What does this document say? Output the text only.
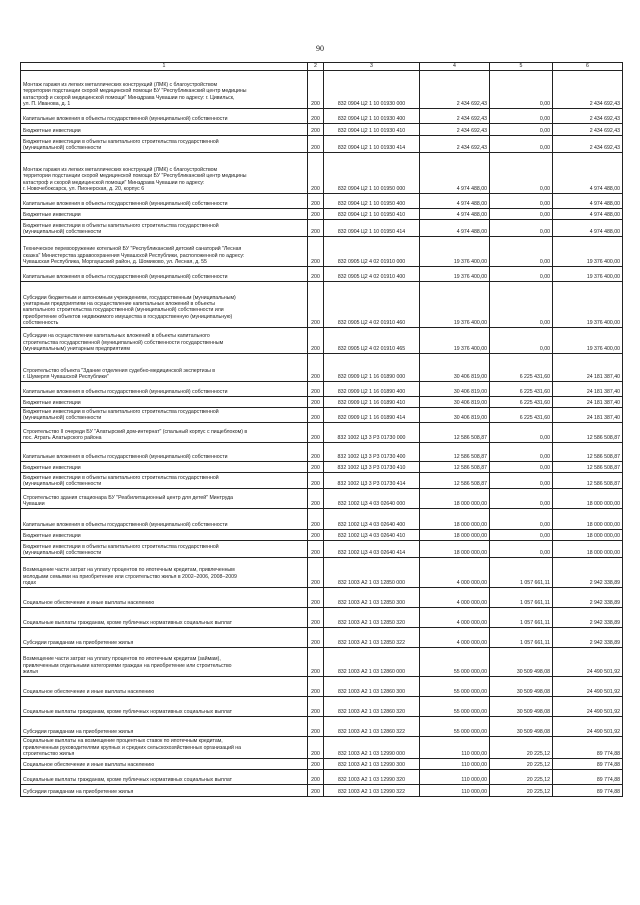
90
1	2	3	4	5	6
Монтаж гаражя из легких металлических конструкций (ЛМК) с благоустройством
территории подстанции скорой медицинской помощи БУ "Республиканский центр медицины
катастроф и скорой медицинской помощи" Минздрава Чувашии по адресу: г. Цивильск,
ул. П. Иванова, д. 1	200	832 0904 Ц2 1 10 01930 000	2 434 692,43	0,00	2 434 692,43
Капитальные вложения в объекты государственной (муниципальной) собственности	200	832 0904 Ц2 1 10 01930 400	2 434 692,43	0,00	2 434 692,43
Бюджетные инвестиции	200	832 0904 Ц2 1 10 01930 410	2 434 692,43	0,00	2 434 692,43
Бюджетные инвестиции в объекты капитального строительства государственной
(муниципальной) собственности	200	832 0904 Ц2 1 10 01930 414	2 434 692,43	0,00	2 434 692,43
Монтаж гаражя из легких металлических конструкций (ЛМК) с благоустройством
территории подстанции скорой медицинской помощи БУ "Республиканский центр медицины
катастроф и скорой медицинской помощи" Минздрава Чувашии по адресу:
г. Новочебоксарск, ул. Пионерская, д. 20, корпус 6	200	832 0904 Ц2 1 10 01950 000	4 974 488,00	0,00	4 974 488,00
Капитальные вложения в объекты государственной (муниципальной) собственности	200	832 0904 Ц2 1 10 01950 400	4 974 488,00	0,00	4 974 488,00
Бюджетные инвестиции	200	832 0904 Ц2 1 10 01950 410	4 974 488,00	0,00	4 974 488,00
Бюджетные инвестиции в объекты капитального строительства государственной
(муниципальной) собственности	200	832 0904 Ц2 1 10 01950 414	4 974 488,00	0,00	4 974 488,00
Техническое перевооружение котельной БУ "Республиканский детский санаторий "Лесная
сказка" Министерства здравоохранения Чувашской Республики, расположенной по адресу:
Чувашская Республика, Моргаушский район, д. Шомиково, ул. Лесная, д. 55	200	832 0905 Ц2 4 02 01910 000	19 376 400,00	0,00	19 376 400,00
Капитальные вложения в объекты государственной (муниципальной) собственности	200	832 0905 Ц2 4 02 01910 400	19 376 400,00	0,00	19 376 400,00
Субсидии бюджетным и автономным учреждениям, государственным (муниципальным)
унитарным предприятиям на осуществление капитальных вложений в объекты
капитального строительства государственной (муниципальной) собственности или
приобретение объектов недвижимого имущества в государственную (муниципальную)
собственность	200	832 0905 Ц2 4 02 01910 460	19 376 400,00	0,00	19 376 400,00
Субсидии на осуществление капитальных вложений в объекты капитального
строительства государственной (муниципальной) собственности государственным
(муниципальным) унитарным предприятиям	200	832 0905 Ц2 4 02 01910 465	19 376 400,00	0,00	19 376 400,00
Строительство объекта "Здание отделения судебно-медицинской экспертизы в
г. Шумерля Чувашской Республики"	200	832 0909 Ц2 1 16 01890 000	30 406 819,00	6 225 431,60	24 181 387,40
Капитальные вложения в объекты государственной (муниципальной) собственности	200	832 0909 Ц2 1 16 01890 400	30 406 819,00	6 225 431,60	24 181 387,40
Бюджетные инвестиции	200	832 0909 Ц2 1 16 01890 410	30 406 819,00	6 225 431,60	24 181 387,40
Бюджетные инвестиции в объекты капитального строительства государственной
(муниципальной) собственности	200	832 0909 Ц2 1 16 01890 414	30 406 819,00	6 225 431,60	24 181 387,40
Строительство II очереди БУ "Алатырский дом-интернат" (спальный корпус с пищеблоком) в
пос. Атрать Алатырского района	200	832 1002 Ц3 3 Р3 01730 000	12 586 508,87	0,00	12 586 508,87
Капитальные вложения в объекты государственной (муниципальной) собственности	200	832 1002 Ц3 3 Р3 01730 400	12 586 508,87	0,00	12 586 508,87
Бюджетные инвестиции	200	832 1002 Ц3 3 Р3 01730 410	12 586 508,87	0,00	12 586 508,87
Бюджетные инвестиции в объекты капитального строительства государственной
(муниципальной) собственности	200	832 1002 Ц3 3 Р3 01730 414	12 586 508,87	0,00	12 586 508,87
Строительство здания стационара БУ "Реабилитационный центр для детей" Минтруда
Чувашии	200	832 1002 Ц3 4 03 02640 000	18 000 000,00	0,00	18 000 000,00
Капитальные вложения в объекты государственной (муниципальной) собственности	200	832 1002 Ц3 4 03 02640 400	18 000 000,00	0,00	18 000 000,00
Бюджетные инвестиции	200	832 1002 Ц3 4 03 02640 410	18 000 000,00	0,00	18 000 000,00
Бюджетные инвестиции в объекты капитального строительства государственной
(муниципальной) собственности	200	832 1002 Ц3 4 03 02640 414	18 000 000,00	0,00	18 000 000,00
Возмещение части затрат на уплату процентов по ипотечным кредитам, привлеченным
молодыми семьями на приобретение или строительство жилья в 2002–2006, 2008–2009
годах	200	832 1003 А2 1 03 12850 000	4 000 000,00	1 057 661,11	2 942 338,89
Социальное обеспечение и иные выплаты населению	200	832 1003 А2 1 03 12850 300	4 000 000,00	1 057 661,11	2 942 338,89
Социальные выплаты гражданам, кроме публичных нормативных социальных выплат	200	832 1003 А2 1 03 12850 320	4 000 000,00	1 057 661,11	2 942 338,89
Субсидии гражданам на приобретение жилья	200	832 1003 А2 1 03 12850 322	4 000 000,00	1 057 661,11	2 942 338,89
Возмещение части затрат на уплату процентов по ипотечным кредитам (займам),
привлеченным отдельными категориями граждан на приобретение или строительство
жилья	200	832 1003 А2 1 03 12860 000	55 000 000,00	30 509 498,08	24 490 501,92
Социальное обеспечение и иные выплаты населению	200	832 1003 А2 1 03 12860 300	55 000 000,00	30 509 498,08	24 490 501,92
Социальные выплаты гражданам, кроме публичных нормативных социальных выплат	200	832 1003 А2 1 03 12860 320	55 000 000,00	30 509 498,08	24 490 501,92
Субсидии гражданам на приобретение жилья	200	832 1003 А2 1 03 12860 322	55 000 000,00	30 509 498,08	24 490 501,92
Социальные выплаты на возмещение процентных ставок по ипотечным кредитам,
привлеченным руководителями крупных и средних сельскохозяйственных организаций на
строительство жилья	200	832 1003 А2 1 03 12990 000	110 000,00	20 225,12	89 774,88
Социальное обеспечение и иные выплаты населению	200	832 1003 А2 1 03 12990 300	110 000,00	20 225,12	89 774,88
Социальные выплаты гражданам, кроме публичных нормативных социальных выплат	200	832 1003 А2 1 03 12990 320	110 000,00	20 225,12	89 774,88
Субсидии гражданам на приобретение жилья	200	832 1003 А2 1 03 12990 322	110 000,00	20 225,12	89 774,88
